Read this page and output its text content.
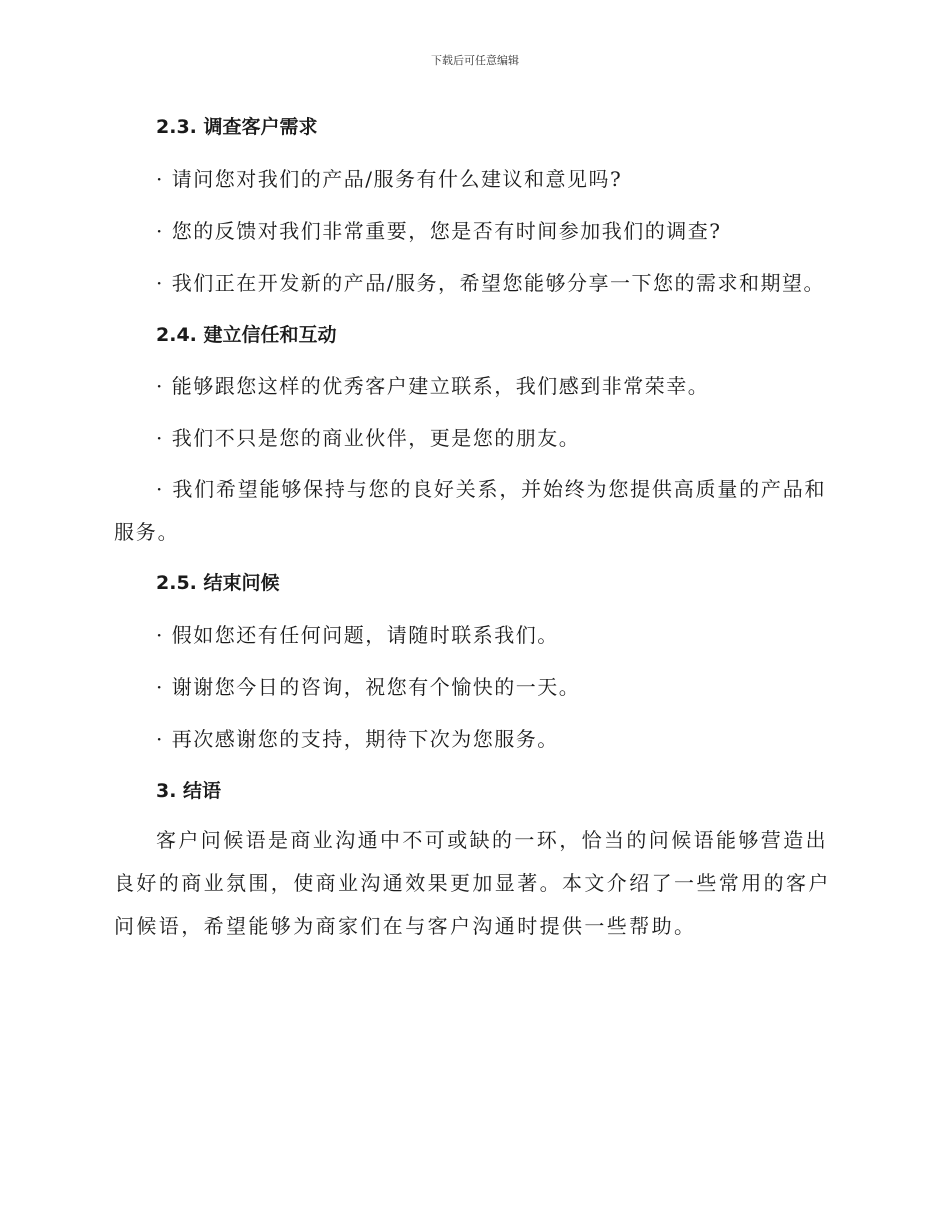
下载后可任意编辑
2.3. 调查客户需求
· 请问您对我们的产品/服务有什么建议和意见吗?
· 您的反馈对我们非常重要，您是否有时间参加我们的调查?
· 我们正在开发新的产品/服务，希望您能够分享一下您的需求和期望。
2.4. 建立信任和互动
· 能够跟您这样的优秀客户建立联系，我们感到非常荣幸。
· 我们不只是您的商业伙伴，更是您的朋友。
· 我们希望能够保持与您的良好关系，并始终为您提供高质量的产品和服务。
2.5. 结束问候
· 假如您还有任何问题，请随时联系我们。
· 谢谢您今日的咨询，祝您有个愉快的一天。
· 再次感谢您的支持，期待下次为您服务。
3. 结语
客户问候语是商业沟通中不可或缺的一环，恰当的问候语能够营造出良好的商业氛围，使商业沟通效果更加显著。本文介绍了一些常用的客户问候语，希望能够为商家们在与客户沟通时提供一些帮助。
